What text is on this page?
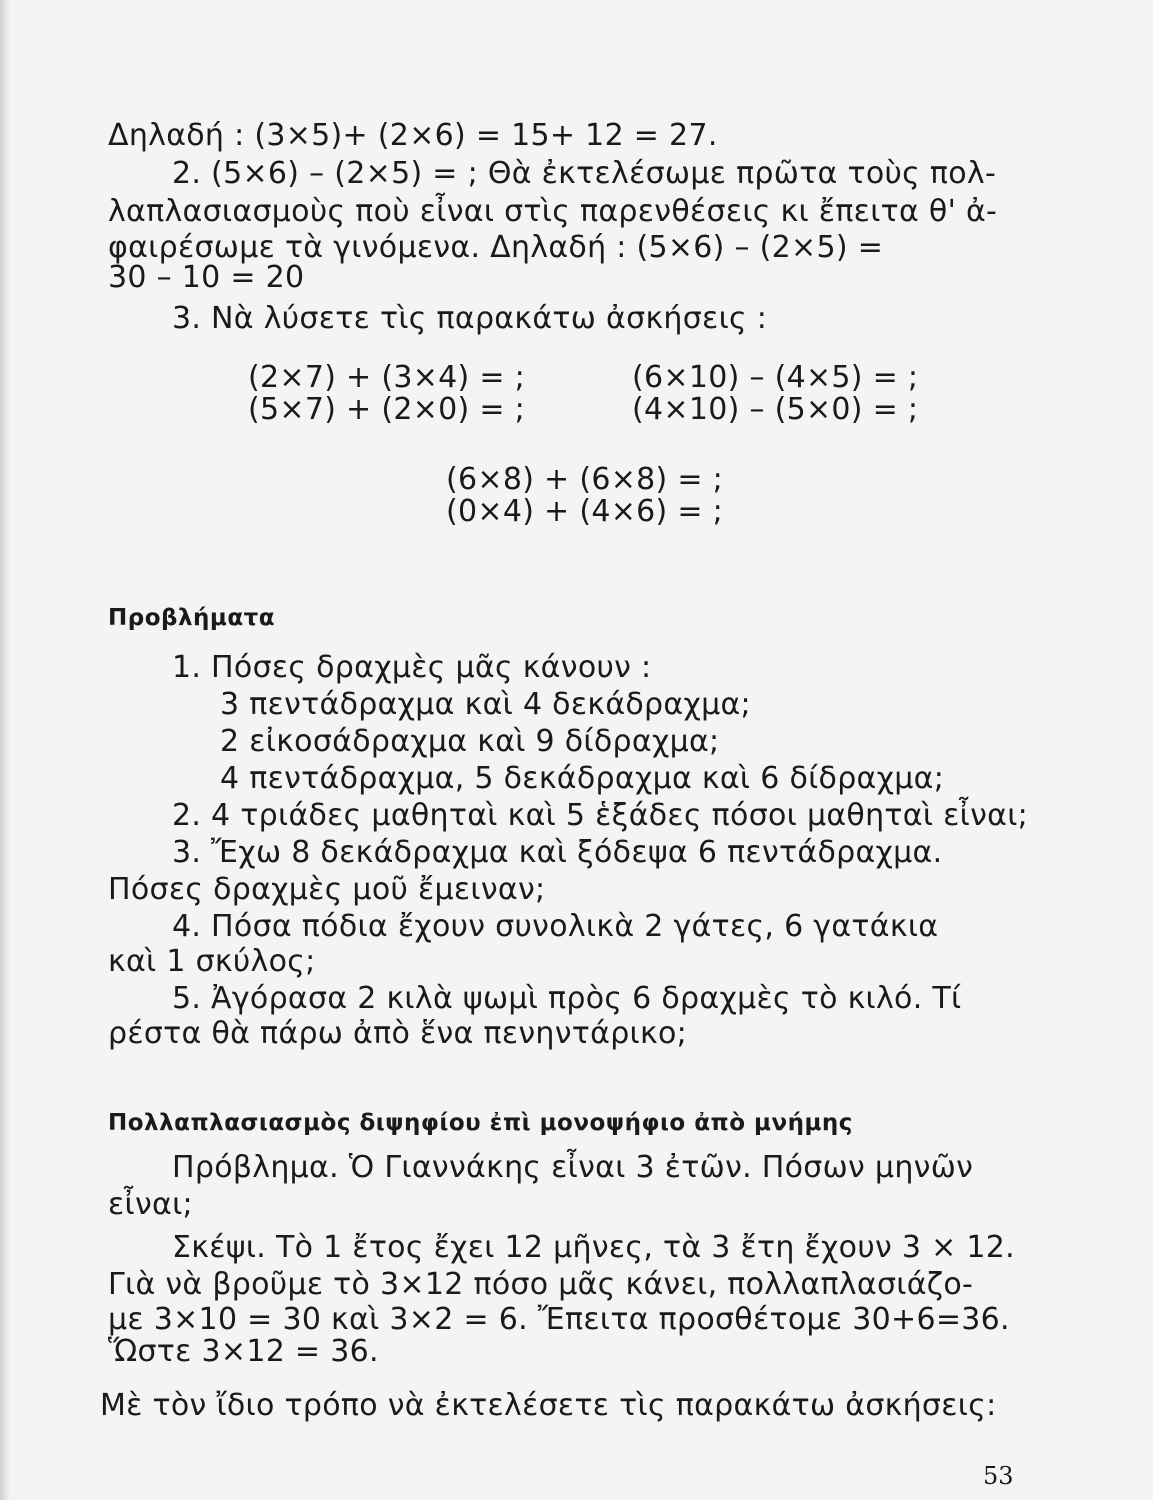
Δηλαδή : (3×5)+ (2×6) = 15+ 12 = 27.
2. (5×6) – (2×5) = ; Θὰ ἐκτελέσωμε πρῶτα τοὺς πολ-
λαπλασιασμοὺς ποὺ εἶναι στὶς παρενθέσεις κι ἔπειτα θ' ἀ-
φαιρέσωμε τὰ γινόμενα. Δηλαδή : (5×6) – (2×5) =
30 – 10 = 20
3. Νὰ λύσετε τὶς παρακάτω ἀσκήσεις :
(2×7) + (3×4) = ;	(6×10) – (4×5) = ;
(5×7) + (2×0) = ;	(4×10) – (5×0) = ;
(6×8) + (6×8) = ;
(0×4) + (4×6) = ;
Προβλήματα
1. Πόσες δραχμὲς μᾶς κάνουν :
3 πεντάδραχμα καὶ 4 δεκάδραχμα;
2 εἰκοσάδραχμα καὶ 9 δίδραχμα;
4 πεντάδραχμα, 5 δεκάδραχμα καὶ 6 δίδραχμα;
2. 4 τριάδες μαθηταὶ καὶ 5 ἑξάδες πόσοι μαθηταὶ εἶναι;
3. Ἔχω 8 δεκάδραχμα καὶ ξόδεψα 6 πεντάδραχμα.
Πόσες δραχμὲς μοῦ ἔμειναν;
4. Πόσα πόδια ἔχουν συνολικὰ 2 γάτες, 6 γατάκια
καὶ 1 σκύλος;
5. Ἀγόρασα 2 κιλὰ ψωμὶ πρὸς 6 δραχμὲς τὸ κιλό. Τί
ρέστα θὰ πάρω ἀπὸ ἕνα πενηντάρικο;
Πολλαπλασιασμὸς διψηφίου ἐπὶ μονοψήφιο ἀπὸ μνήμης
Πρόβλημα. Ὁ Γιαννάκης εἶναι 3 ἐτῶν. Πόσων μηνῶν
εἶναι;
Σκέψι. Τὸ 1 ἔτος ἔχει 12 μῆνες, τὰ 3 ἔτη ἔχουν 3 × 12.
Γιὰ νὰ βροῦμε τὸ 3×12 πόσο μᾶς κάνει, πολλαπλασιάζο-
με 3×10 = 30 καὶ 3×2 = 6. Ἔπειτα προσθέτομε 30+6=36.
Ὥστε 3×12 = 36.
Μὲ τὸν ἴδιο τρόπο νὰ ἐκτελέσετε τὶς παρακάτω ἀσκήσεις:
53
